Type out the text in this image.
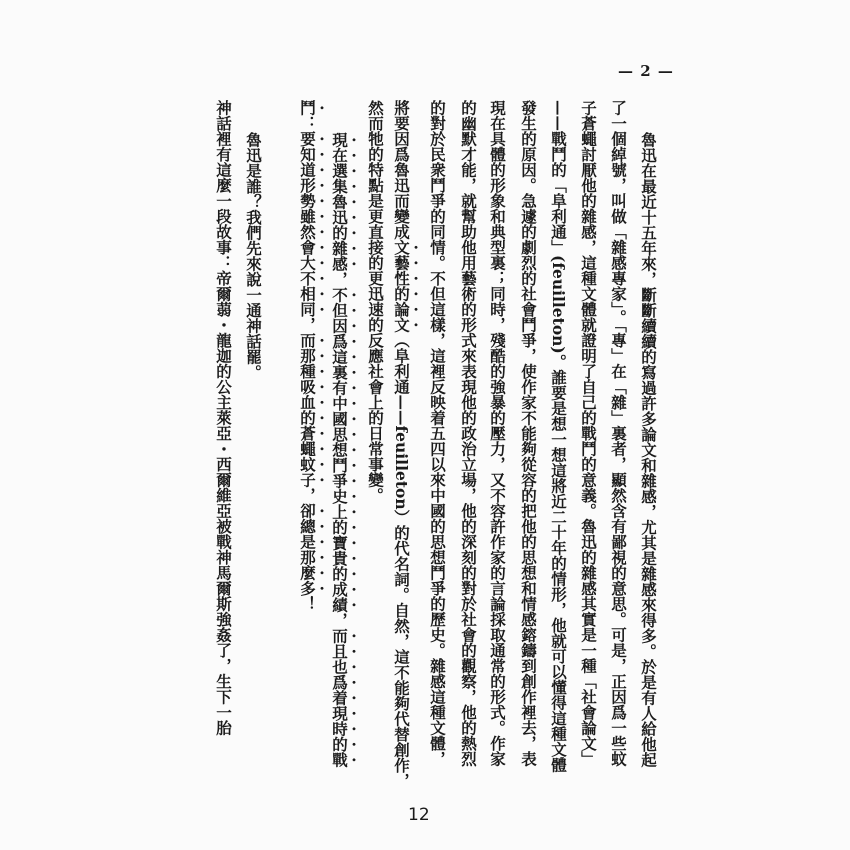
— 2 —
魯迅在最近十五年來，斷斷續續的寫過許多論文和雜感，尤其是雜感來得多。於是有人給他起
了一個綽號，叫做「雜感專家」。「專」在「雜」裏者，顯然含有鄙視的意思。可是，正因爲一些蚊
子蒼蠅討厭他的雜感，這種文體就證明了自己的戰鬥的意義。魯迅的雜感其實是一種「社會論文」
——戰鬥的「阜利通」(feuilleton)。誰要是想一想這將近二十年的情形，他就可以懂得這種文體
發生的原因。急遽的劇烈的社會鬥爭，使作家不能夠從容的把他的思想和情感鎔鑄到創作裡去，表
現在具體的形象和典型裏；同時，殘酷的強暴的壓力，又不容許作家的言論採取通常的形式。作家
的幽默才能，就幫助他用藝術的形式來表現他的政治立場，他的深刻的對於社會的觀察，他的熱烈
的對於民衆鬥爭的同情。不但這樣，這裡反映着五四以來中國的思想鬥爭的歷史。雜感這種文體，
將要因爲魯迅而變成文藝性的論文（阜利通——feuilleton）的代名詞。自然，這不能夠代替創作，
然而牠的特點是更直接的更迅速的反應社會上的日常事變。
現在選集魯迅的雜感，不但因爲這裏有中國思想鬥爭史上的寶貴的成績，而且也爲着現時的戰
鬥：要知道形勢雖然會大不相同，而那種吸血的蒼蠅蚊子，卻總是那麼多！
魯迅是誰？我們先來說一通神話罷。
神話裡有這麼一段故事：帝爾蒻・龍迦的公主萊亞・西爾維亞被戰神馬爾斯強姦了，生下一胎
12
